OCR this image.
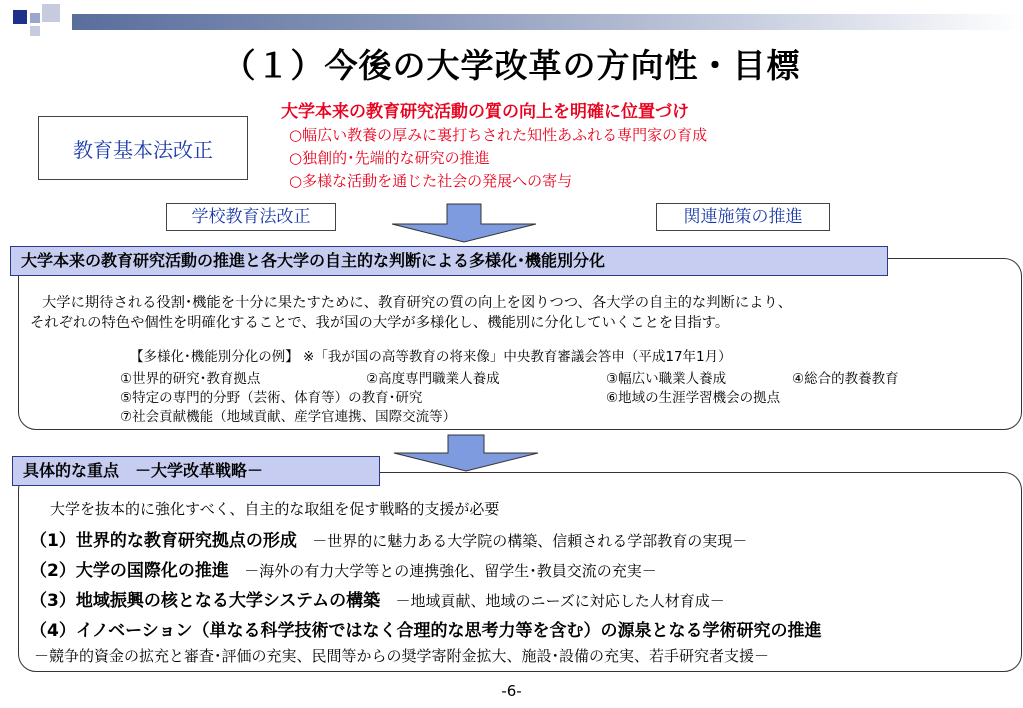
（１）今後の大学改革の方向性・目標
大学本来の教育研究活動の質の向上を明確に位置づけ
○幅広い教養の厚みに裏打ちされた知性あふれる専門家の育成
○独創的･先端的な研究の推進
○多様な活動を通じた社会の発展への寄与
教育基本法改正
学校教育法改正	関連施策の推進
大学本来の教育研究活動の推進と各大学の自主的な判断による多様化･機能別分化
大学に期待される役割･機能を十分に果たすために、教育研究の質の向上を図りつつ、各大学の自主的な判断により、
それぞれの特色や個性を明確化することで、我が国の大学が多様化し、機能別に分化していくことを目指す。
【多様化･機能別分化の例】 ※「我が国の高等教育の将来像」中央教育審議会答申（平成17年1月）
①世界的研究･教育拠点	②高度専門職業人養成	③幅広い職業人養成	④総合的教養教育
⑤特定の専門的分野（芸術、体育等）の教育･研究	⑥地域の生涯学習機会の拠点
⑦社会貢献機能（地域貢献、産学官連携、国際交流等）
具体的な重点　－大学改革戦略－
大学を抜本的に強化すべく、自主的な取組を促す戦略的支援が必要
（1）世界的な教育研究拠点の形成 －世界的に魅力ある大学院の構築、信頼される学部教育の実現－
（2）大学の国際化の推進 －海外の有力大学等との連携強化、留学生･教員交流の充実－
（3）地域振興の核となる大学システムの構築 －地域貢献、地域のニーズに対応した人材育成－
（4）イノベーション（単なる科学技術ではなく合理的な思考力等を含む）の源泉となる学術研究の推進
－競争的資金の拡充と審査･評価の充実、民間等からの奨学寄附金拡大、施設･設備の充実、若手研究者支援－
-6-
